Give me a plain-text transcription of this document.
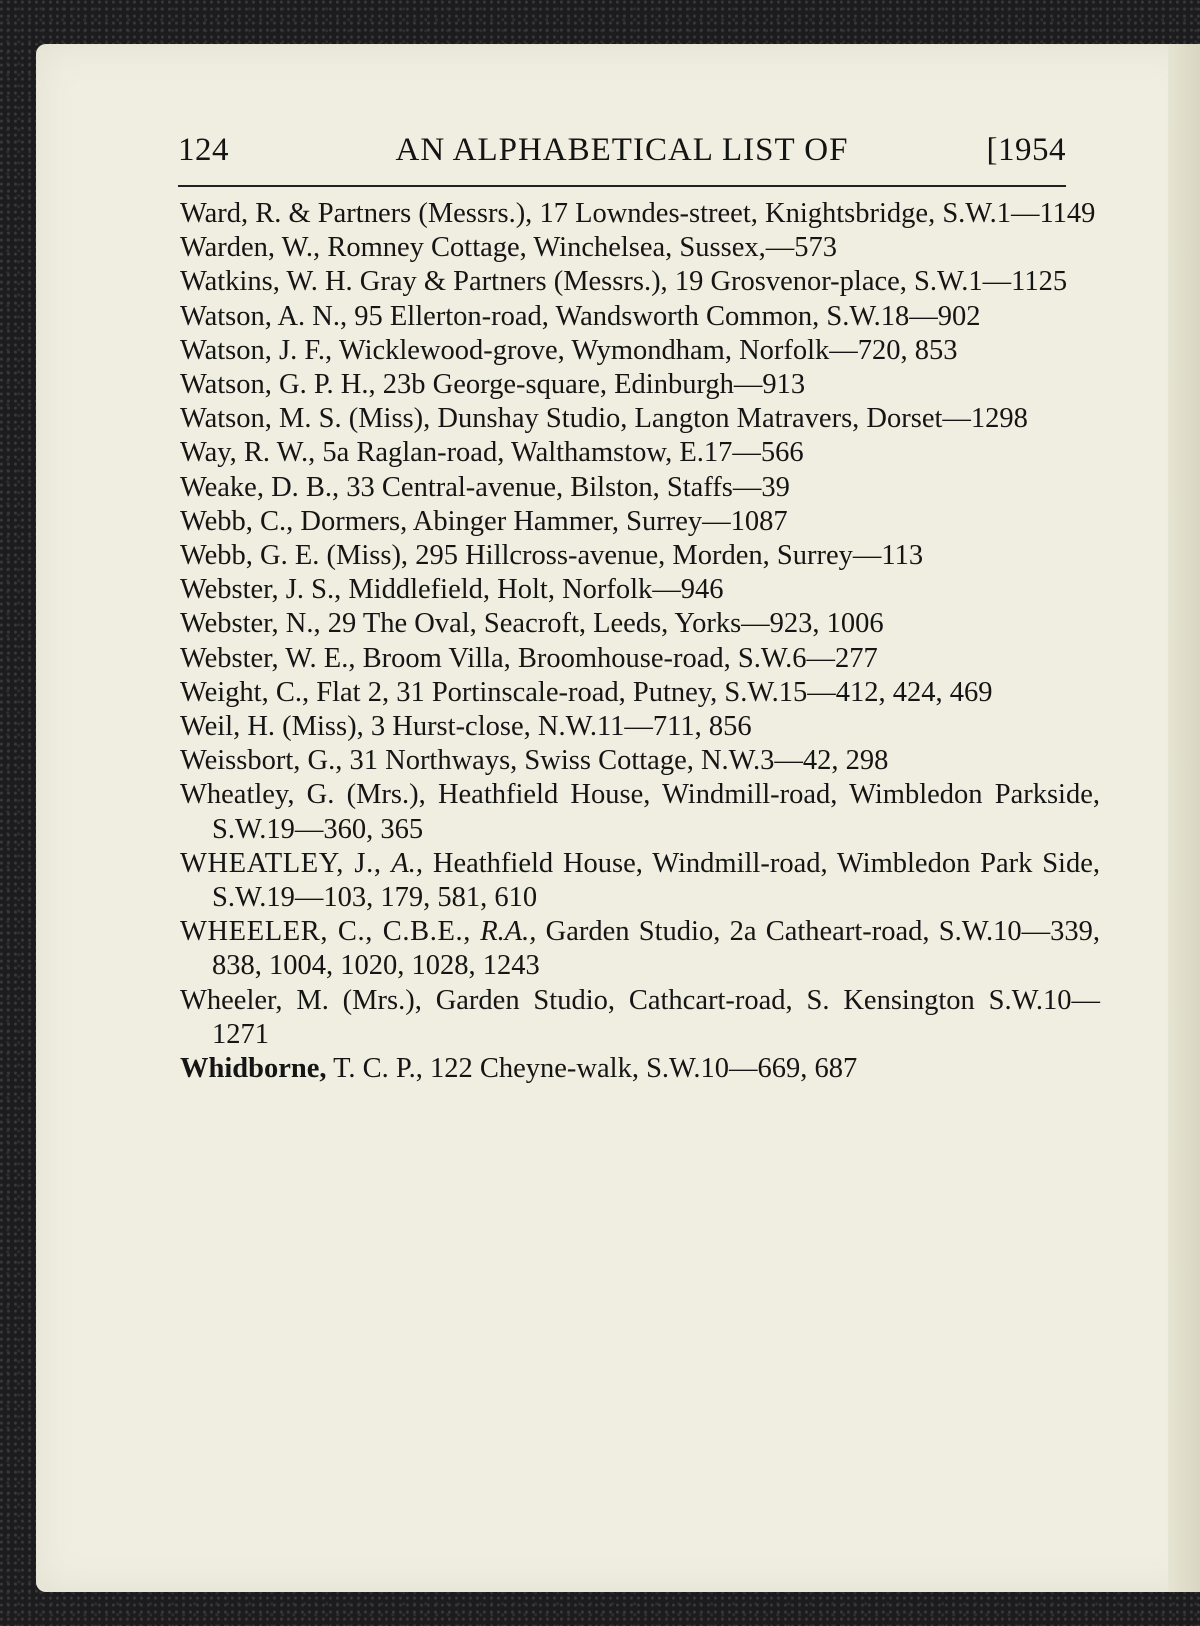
124	AN ALPHABETICAL LIST OF	[1954
Ward, R. & Partners (Messrs.), 17 Lowndes-street, Knightsbridge, S.W.1—1149
Warden, W., Romney Cottage, Winchelsea, Sussex,—573
Watkins, W. H. Gray & Partners (Messrs.), 19 Grosvenor-place, S.W.1—1125
Watson, A. N., 95 Ellerton-road, Wandsworth Common, S.W.18—902
Watson, J. F., Wicklewood-grove, Wymondham, Norfolk—720, 853
Watson, G. P. H., 23b George-square, Edinburgh—913
Watson, M. S. (Miss), Dunshay Studio, Langton Matravers, Dorset—1298
Way, R. W., 5a Raglan-road, Walthamstow, E.17—566
Weake, D. B., 33 Central-avenue, Bilston, Staffs—39
Webb, C., Dormers, Abinger Hammer, Surrey—1087
Webb, G. E. (Miss), 295 Hillcross-avenue, Morden, Surrey—113
Webster, J. S., Middlefield, Holt, Norfolk—946
Webster, N., 29 The Oval, Seacroft, Leeds, Yorks—923, 1006
Webster, W. E., Broom Villa, Broomhouse-road, S.W.6—277
Weight, C., Flat 2, 31 Portinscale-road, Putney, S.W.15—412, 424, 469
Weil, H. (Miss), 3 Hurst-close, N.W.11—711, 856
Weissbort, G., 31 Northways, Swiss Cottage, N.W.3—42, 298
Wheatley, G. (Mrs.), Heathfield House, Windmill-road, Wimbledon Parkside, S.W.19—360, 365
WHEATLEY, J., A., Heathfield House, Windmill-road, Wimbledon Park Side, S.W.19—103, 179, 581, 610
WHEELER, C., C.B.E., R.A., Garden Studio, 2a Catheart-road, S.W.10—339, 838, 1004, 1020, 1028, 1243
Wheeler, M. (Mrs.), Garden Studio, Cathcart-road, S. Kensington S.W.10—1271
Whidborne, T. C. P., 122 Cheyne-walk, S.W.10—669, 687
